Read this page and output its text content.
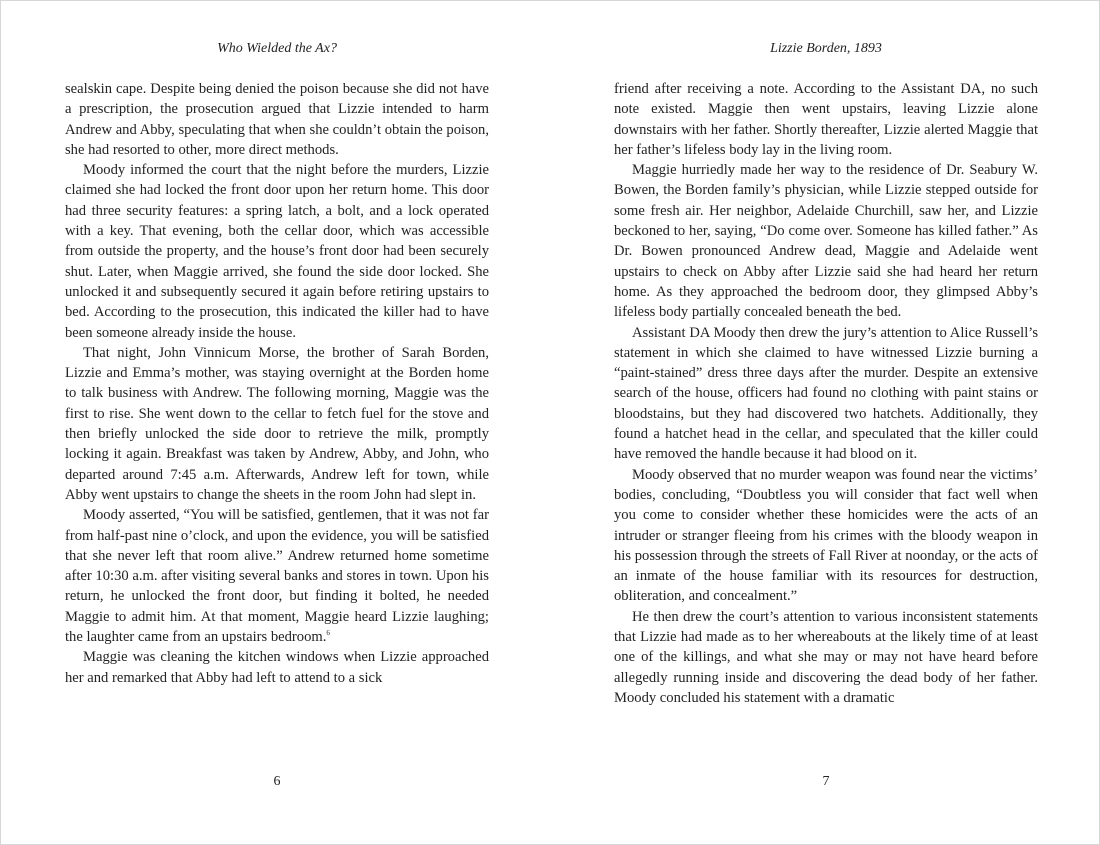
Who Wielded the Ax?

sealskin cape. Despite being denied the poison because she did not have a prescription, the prosecution argued that Lizzie intended to harm Andrew and Abby, speculating that when she couldn’t obtain the poison, she had resorted to other, more direct methods.

Moody informed the court that the night before the murders, Lizzie claimed she had locked the front door upon her return home. This door had three security features: a spring latch, a bolt, and a lock operated with a key. That evening, both the cellar door, which was accessible from outside the property, and the house’s front door had been securely shut. Later, when Maggie arrived, she found the side door locked. She unlocked it and subsequently secured it again before retiring upstairs to bed. According to the prosecution, this indicated the killer had to have been someone already inside the house.

That night, John Vinnicum Morse, the brother of Sarah Borden, Lizzie and Emma’s mother, was staying overnight at the Borden home to talk business with Andrew. The following morning, Maggie was the first to rise. She went down to the cellar to fetch fuel for the stove and then briefly unlocked the side door to retrieve the milk, promptly locking it again. Breakfast was taken by Andrew, Abby, and John, who departed around 7:45 a.m. Afterwards, Andrew left for town, while Abby went upstairs to change the sheets in the room John had slept in.

Moody asserted, “You will be satisfied, gentlemen, that it was not far from half-past nine o’clock, and upon the evidence, you will be satisfied that she never left that room alive.” Andrew returned home sometime after 10:30 a.m. after visiting several banks and stores in town. Upon his return, he unlocked the front door, but finding it bolted, he needed Maggie to admit him. At that moment, Maggie heard Lizzie laughing; the laughter came from an upstairs bedroom.$^6$

Maggie was cleaning the kitchen windows when Lizzie approached her and remarked that Abby had left to attend to a sick

6
Lizzie Borden, 1893

friend after receiving a note. According to the Assistant DA, no such note existed. Maggie then went upstairs, leaving Lizzie alone downstairs with her father. Shortly thereafter, Lizzie alerted Maggie that her father’s lifeless body lay in the living room.

Maggie hurriedly made her way to the residence of Dr. Seabury W. Bowen, the Borden family’s physician, while Lizzie stepped outside for some fresh air. Her neighbor, Adelaide Churchill, saw her, and Lizzie beckoned to her, saying, “Do come over. Someone has killed father.” As Dr. Bowen pronounced Andrew dead, Maggie and Adelaide went upstairs to check on Abby after Lizzie said she had heard her return home. As they approached the bedroom door, they glimpsed Abby’s lifeless body partially concealed beneath the bed.

Assistant DA Moody then drew the jury’s attention to Alice Russell’s statement in which she claimed to have witnessed Lizzie burning a “paint-stained” dress three days after the murder. Despite an extensive search of the house, officers had found no clothing with paint stains or bloodstains, but they had discovered two hatchets. Additionally, they found a hatchet head in the cellar, and speculated that the killer could have removed the handle because it had blood on it.

Moody observed that no murder weapon was found near the victims’ bodies, concluding, “Doubtless you will consider that fact well when you come to consider whether these homicides were the acts of an intruder or stranger fleeing from his crimes with the bloody weapon in his possession through the streets of Fall River at noonday, or the acts of an inmate of the house familiar with its resources for destruction, obliteration, and concealment.”

He then drew the court’s attention to various inconsistent statements that Lizzie had made as to her whereabouts at the likely time of at least one of the killings, and what she may or may not have heard before allegedly running inside and discovering the dead body of her father. Moody concluded his statement with a dramatic

7
